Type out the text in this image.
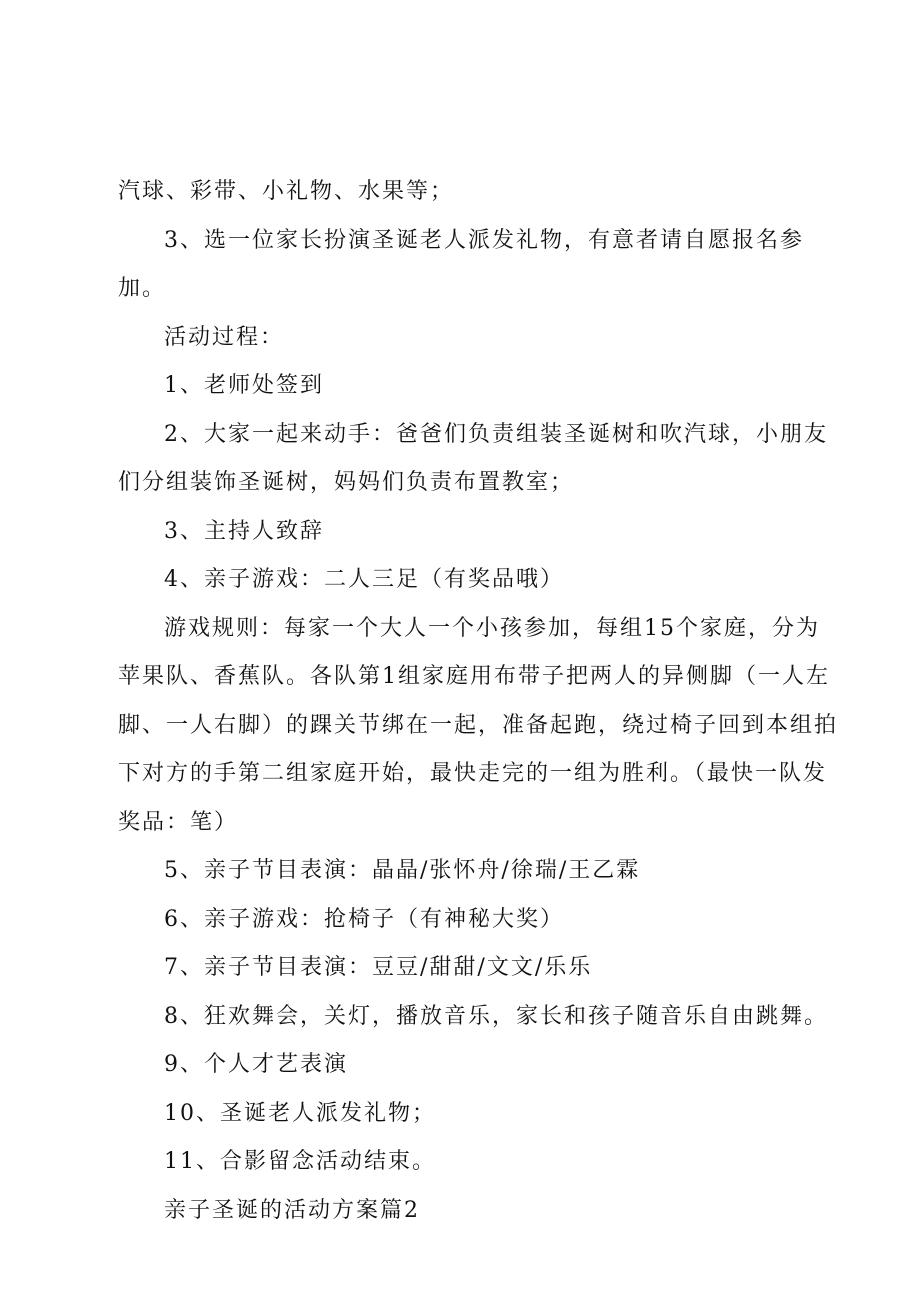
汽球、彩带、小礼物、水果等；

3、选一位家长扮演圣诞老人派发礼物，有意者请自愿报名参加。

活动过程：

1、老师处签到

2、大家一起来动手：爸爸们负责组装圣诞树和吹汽球，小朋友们分组装饰圣诞树，妈妈们负责布置教室；

3、主持人致辞

4、亲子游戏：二人三足（有奖品哦）

游戏规则：每家一个大人一个小孩参加，每组15个家庭，分为苹果队、香蕉队。各队第1组家庭用布带子把两人的异侧脚（一人左脚、一人右脚）的踝关节绑在一起，准备起跑，绕过椅子回到本组拍下对方的手第二组家庭开始，最快走完的一组为胜利。（最快一队发奖品：笔）

5、亲子节目表演：晶晶/张怀舟/徐瑞/王乙霖

6、亲子游戏：抢椅子（有神秘大奖）

7、亲子节目表演：豆豆/甜甜/文文/乐乐

8、狂欢舞会，关灯，播放音乐，家长和孩子随音乐自由跳舞。

9、个人才艺表演

10、圣诞老人派发礼物；

11、合影留念活动结束。

亲子圣诞的活动方案篇2
